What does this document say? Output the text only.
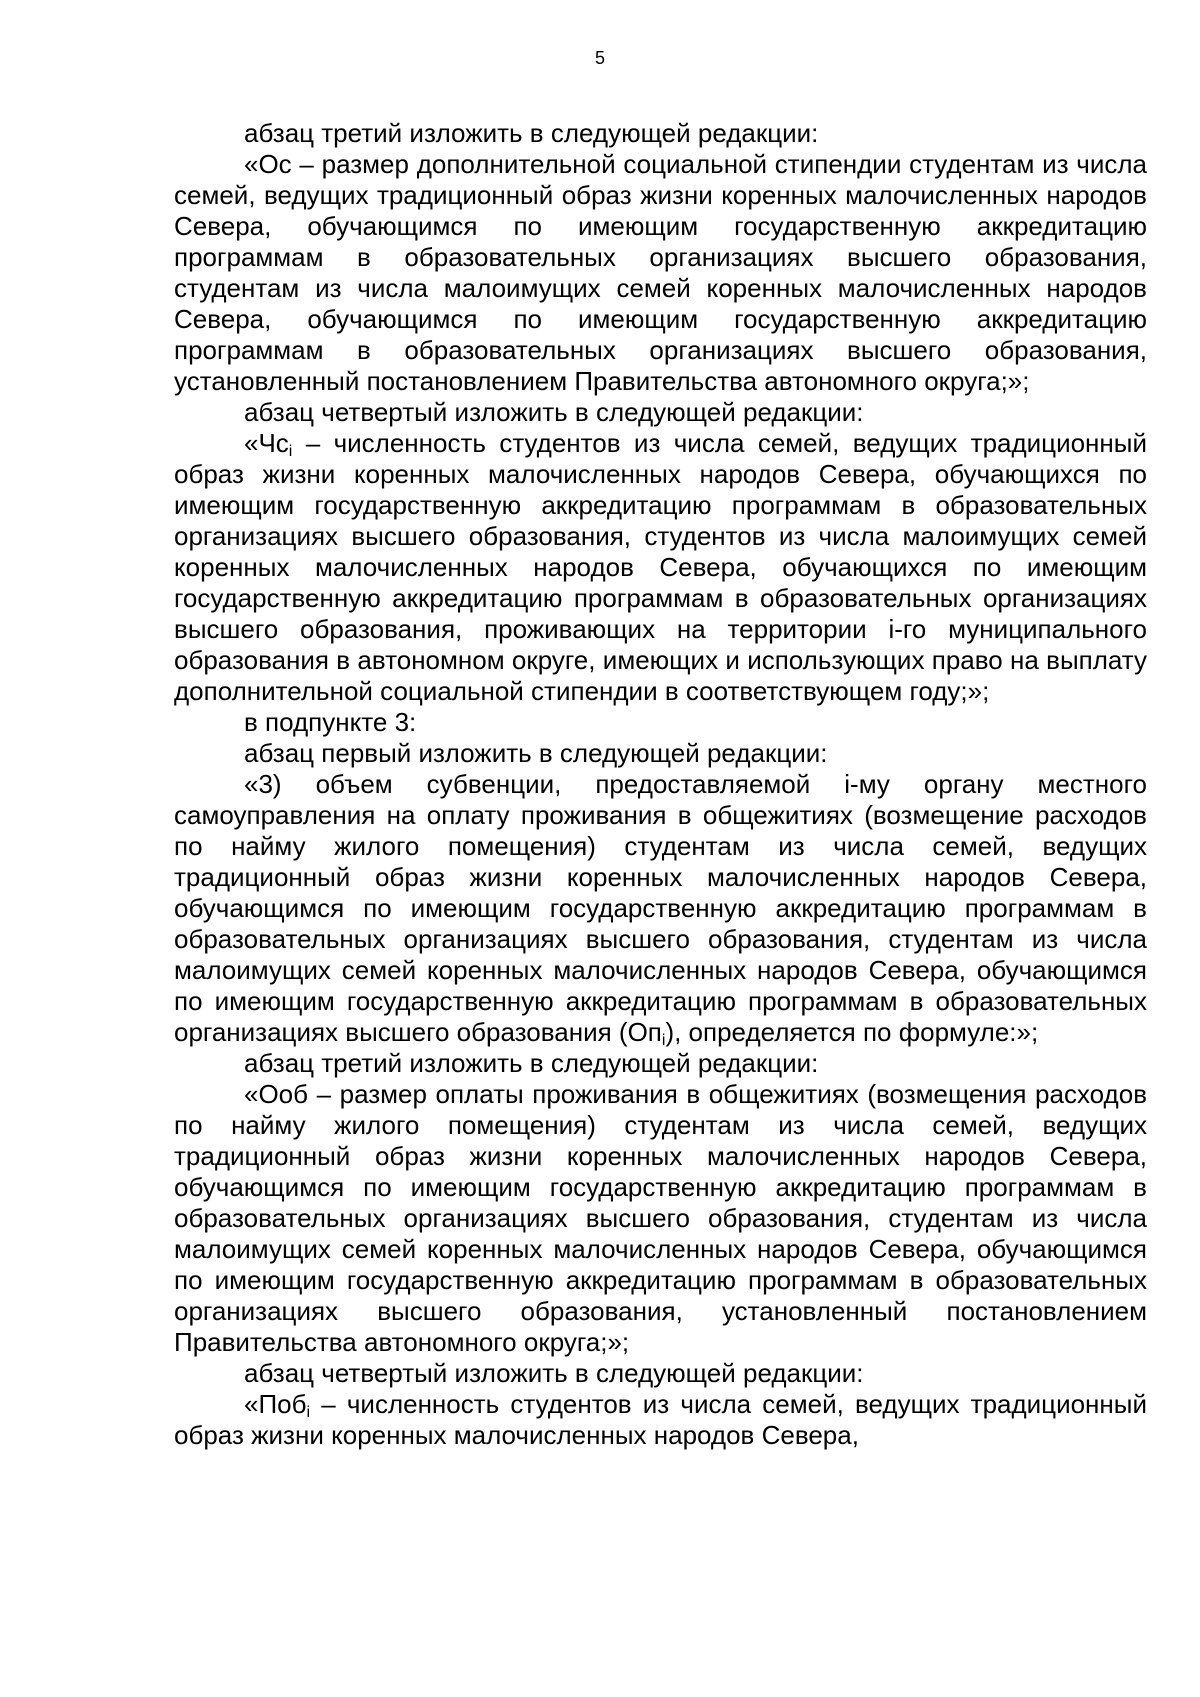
5

абзац третий изложить в следующей редакции:

«Ос – размер дополнительной социальной стипендии студентам из числа семей, ведущих традиционный образ жизни коренных малочисленных народов Севера, обучающимся по имеющим государственную аккредитацию программам в образовательных организациях высшего образования, студентам из числа малоимущих семей коренных малочисленных народов Севера, обучающимся по имеющим государственную аккредитацию программам в образовательных организациях высшего образования, установленный постановлением Правительства автономного округа;»;

абзац четвертый изложить в следующей редакции:

«$Чс_i$ – численность студентов из числа семей, ведущих традиционный образ жизни коренных малочисленных народов Севера, обучающихся по имеющим государственную аккредитацию программам в образовательных организациях высшего образования, студентов из числа малоимущих семей коренных малочисленных народов Севера, обучающихся по имеющим государственную аккредитацию программам в образовательных организациях высшего образования, проживающих на территории i-го муниципального образования в автономном округе, имеющих и использующих право на выплату дополнительной социальной стипендии в соответствующем году;»;

в подпункте 3:

абзац первый изложить в следующей редакции:

«3) объем субвенции, предоставляемой i-му органу местного самоуправления на оплату проживания в общежитиях (возмещение расходов по найму жилого помещения) студентам из числа семей, ведущих традиционный образ жизни коренных малочисленных народов Севера, обучающимся по имеющим государственную аккредитацию программам в образовательных организациях высшего образования, студентам из числа малоимущих семей коренных малочисленных народов Севера, обучающимся по имеющим государственную аккредитацию программам в образовательных организациях высшего образования $(Оп_i)$, определяется по формуле:»;

абзац третий изложить в следующей редакции:

«Ооб – размер оплаты проживания в общежитиях (возмещения расходов по найму жилого помещения) студентам из числа семей, ведущих традиционный образ жизни коренных малочисленных народов Севера, обучающимся по имеющим государственную аккредитацию программам в образовательных организациях высшего образования, студентам из числа малоимущих семей коренных малочисленных народов Севера, обучающимся по имеющим государственную аккредитацию программам в образовательных организациях высшего образования, установленный постановлением Правительства автономного округа;»;

абзац четвертый изложить в следующей редакции:

«Поб$_i$ – численность студентов из числа семей, ведущих традиционный образ жизни коренных малочисленных народов Севера,
